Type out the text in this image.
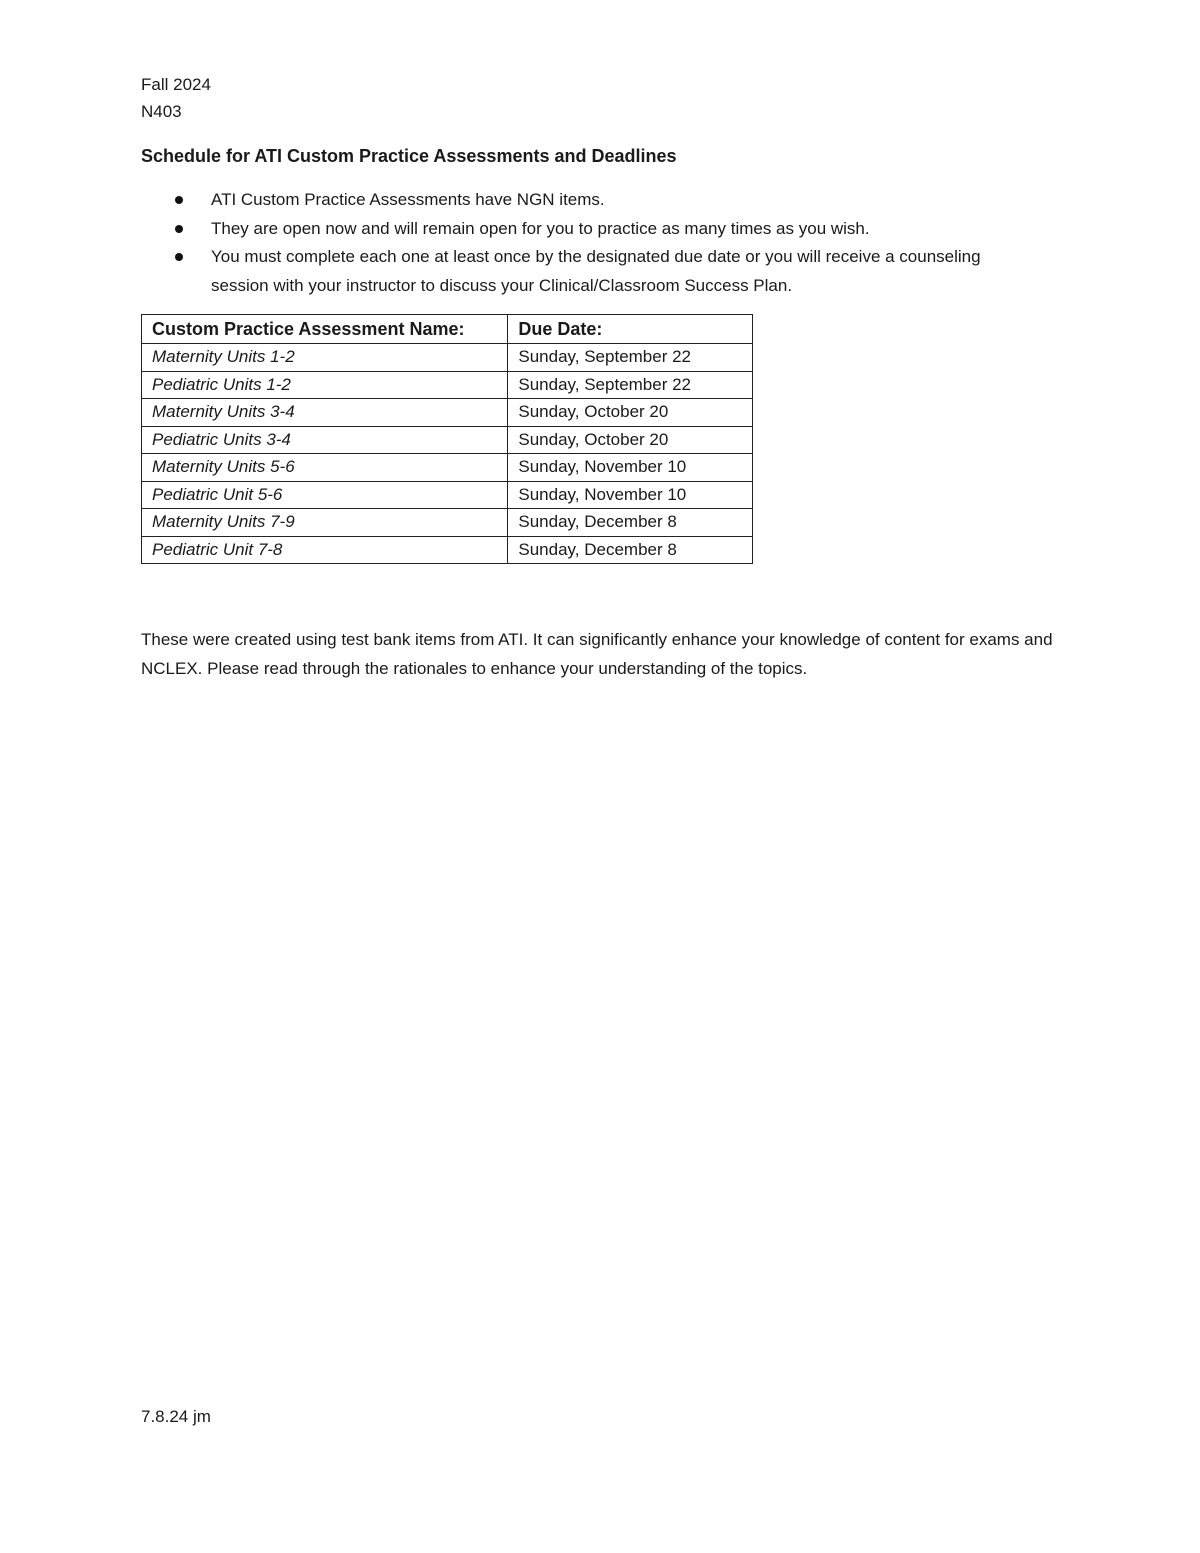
Fall 2024

N403

Schedule for ATI Custom Practice Assessments and Deadlines
ATI Custom Practice Assessments have NGN items.
They are open now and will remain open for you to practice as many times as you wish.
You must complete each one at least once by the designated due date or you will receive a counseling session with your instructor to discuss your Clinical/Classroom Success Plan.
Custom Practice Assessment Name:	Due Date:
Maternity Units 1-2	Sunday, September 22
Pediatric Units 1-2	Sunday, September 22
Maternity Units 3-4	Sunday, October 20
Pediatric Units 3-4	Sunday, October 20
Maternity Units 5-6	Sunday, November 10
Pediatric Unit 5-6	Sunday, November 10
Maternity Units 7-9	Sunday, December 8
Pediatric Unit 7-8	Sunday, December 8

These were created using test bank items from ATI. It can significantly enhance your knowledge of content for exams and NCLEX. Please read through the rationales to enhance your understanding of the topics.

7.8.24 jm
